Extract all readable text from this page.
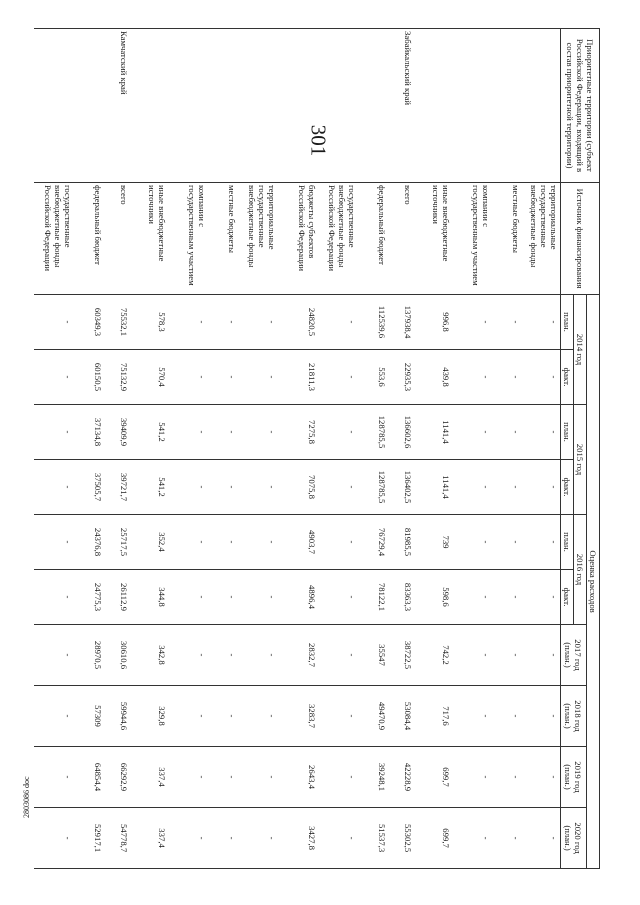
301
2803086 doc
Приоритетные территории (субъект Российской Федерации, входящий в состав приоритетной территории)	Источник финансирования	Оценка расходов									
		2014 год		2015 год		2016 год		2017 год (план.)	2018 год (план.)	2019 год (план.)	2020 год (план.)
		план.	факт.	план.	факт.	план.	факт.				
	территориальные государственные внебюджетные фонды	-	-	-	-	-	-	-	-	-	-
	местные бюджеты	-	-	-	-	-	-	-	-	-	-
	компании с государственным участием	-	-	-	-	-	-	-	-	-	-
	иные внебюджетные источники	996,8	439,8	1141,4	1141,4	739	598,6	742,2	717,6	699,7	699,7
Забайкальский край	всего	137938,4	22935,3	136602,6	136402,5	81985,5	83363,3	38722,5	53084,4	42228,9	55302,5
	федеральный бюджет	112539,6	553,6	128785,5	128785,5	76729,4	78122,1	35547	49470,9	39248,1	51537,3
	государственные внебюджетные фонды Российской Федерации	-	-	-	-	-	-	-	-	-	-
	бюджеты субъектов Российской Федерации	24820,5	21811,3	7275,8	7075,8	4903,7	4896,4	2832,7	3283,7	2643,4	3427,8
	территориальные государственные внебюджетные фонды	-	-	-	-	-	-	-	-	-	-
	местные бюджеты	-	-	-	-	-	-	-	-	-	-
	компании с государственным участием	-	-	-	-	-	-	-	-	-	-
	иные внебюджетные источники	578,3	570,4	541,2	541,2	352,4	344,8	342,8	329,8	337,4	337,4
Камчатский край	всего	75532,1	75132,9	39409,9	39721,7	25717,5	26112,9	30610,6	59944,6	66292,9	54778,7
	федеральный бюджет	60349,3	60150,5	37134,8	37505,7	24376,8	24775,3	28970,5	57309	64854,4	52917,1
	государственные внебюджетные фонды Российской Федерации	-	-	-	-	-	-	-	-	-	-
